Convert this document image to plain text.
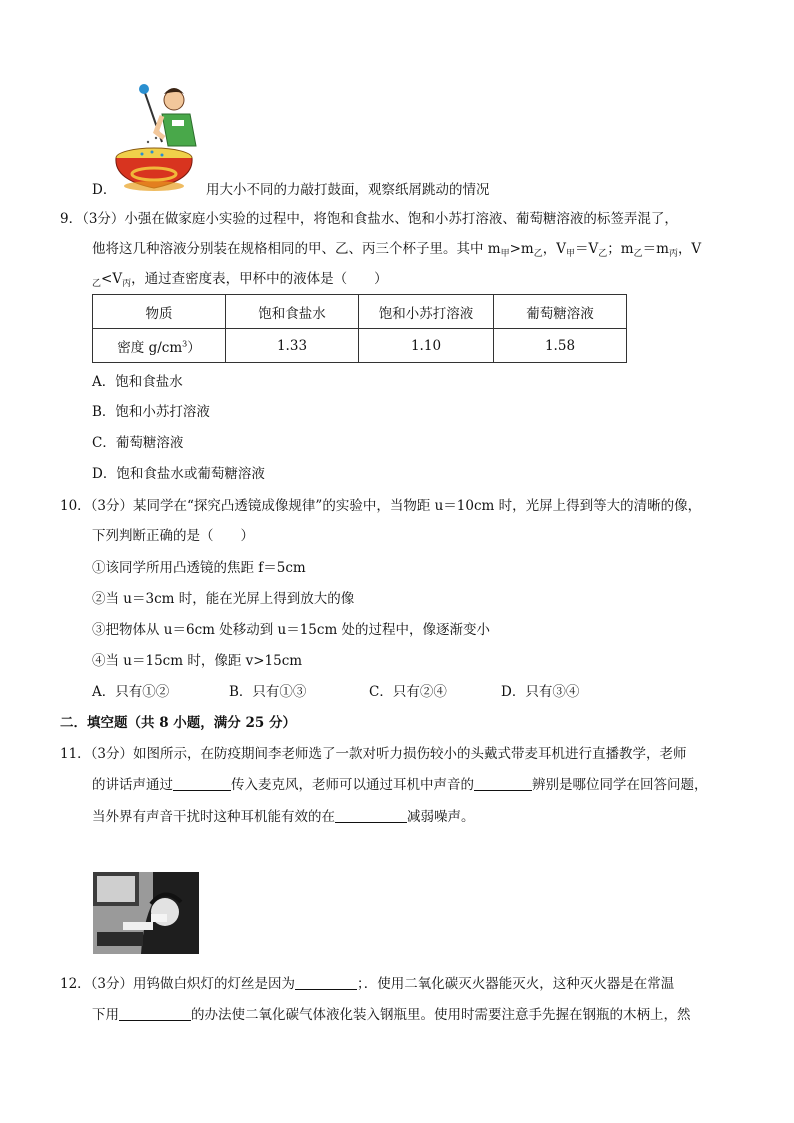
D．	用大小不同的力敲打鼓面，观察纸屑跳动的情况
9．（3分）小强在做家庭小实验的过程中，将饱和食盐水、饱和小苏打溶液、葡萄糖溶液的标签弄混了，
他将这几种溶液分别装在规格相同的甲、乙、丙三个杯子里。其中 $m_甲>m_乙$，$V_甲=V_乙$；$m_乙=m_丙$，V
$_乙<V_丙$，通过查密度表，甲杯中的液体是（　　）
物质	饱和食盐水	饱和小苏打溶液	葡萄糖溶液
密度 $g/cm^3$）	1.33	1.10	1.58
A．饱和食盐水
B．饱和小苏打溶液
C．葡萄糖溶液
D．饱和食盐水或葡萄糖溶液
10．（3分）某同学在“探究凸透镜成像规律”的实验中，当物距 u＝10cm 时，光屏上得到等大的清晰的像，
下列判断正确的是（　　）
①该同学所用凸透镜的焦距 f＝5cm
②当 u＝3cm 时，能在光屏上得到放大的像
③把物体从 u＝6cm 处移动到 u＝15cm 处的过程中，像逐渐变小
④当 u＝15cm 时，像距 v>15cm
A．只有①②	B．只有①③	C．只有②④	D．只有③④
二．填空题（共 8 小题，满分 25 分）
11．（3分）如图所示，在防疫期间李老师选了一款对听力损伤较小的头戴式带麦耳机进行直播教学，老师
的讲话声通过	传入麦克风，老师可以通过耳机中声音的	辨别是哪位同学在回答问题，
当外界有声音干扰时这种耳机能有效的在	减弱噪声。
12．（3分）用钨做白炽灯的灯丝是因为	；．使用二氧化碳灭火器能灭火，这种灭火器是在常温
下用	的办法使二氧化碳气体液化装入钢瓶里。使用时需要注意手先握在钢瓶的木柄上，然
